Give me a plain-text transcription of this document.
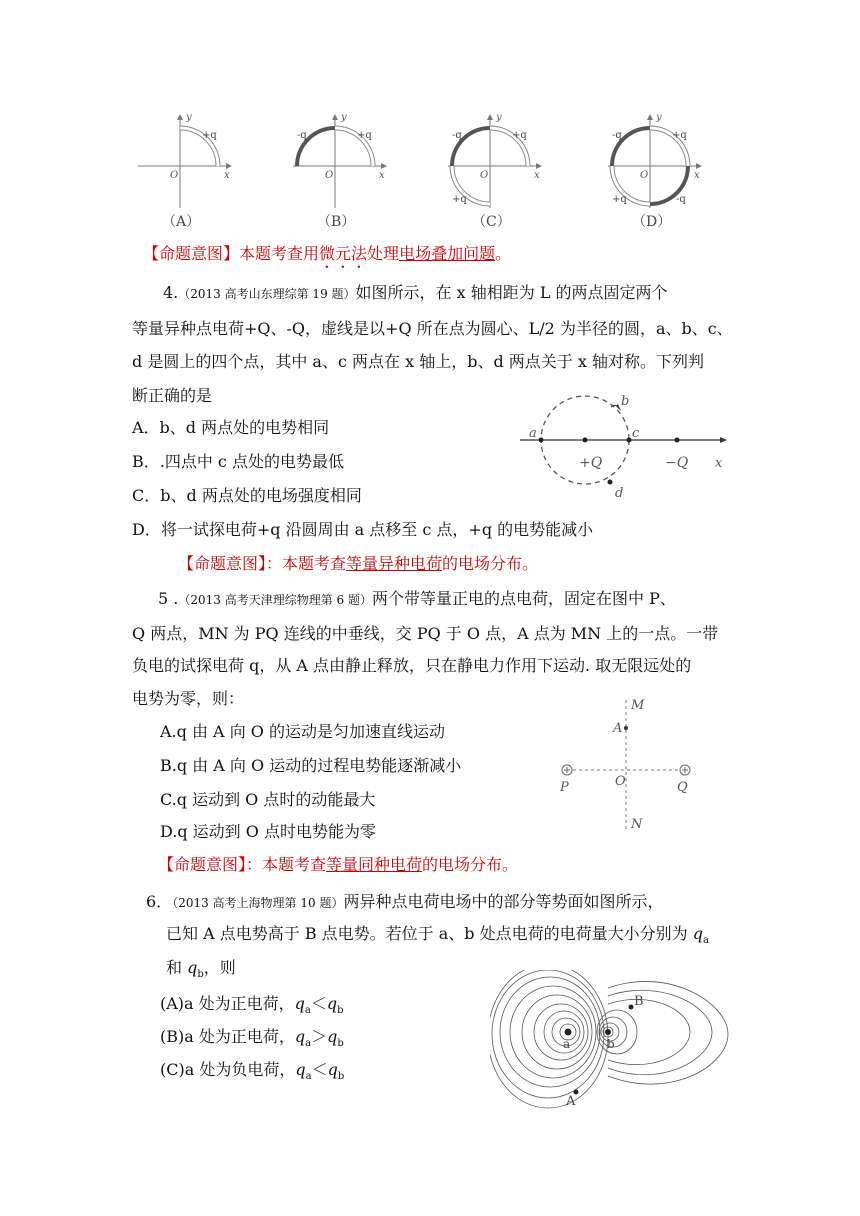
y
x
O
+q
（A）
y
x
O
-q	+q
（B）
y
x
O
-q	+q
+q
（C）
y
x
O
-q	+q
+q	-q
（D）
【命题意图】本题考查用微元法处理电场叠加问题。
4.（2013 高考山东理综第 19 题）如图所示，在 x 轴相距为 L 的两点固定两个
等量异种点电荷+Q、-Q，虚线是以+Q 所在点为圆心、L/2 为半径的圆，a、b、c、
d 是圆上的四个点，其中 a、c 两点在 x 轴上，b、d 两点关于 x 轴对称。下列判
断正确的是
A．b、d 两点处的电势相同
B．.四点中 c 点处的电势最低
C．b、d 两点处的电场强度相同
D．将一试探电荷+q 沿圆周由 a 点移至 c 点，+q 的电势能减小
a
b
c
d
+Q	−Q x
【命题意图】：本题考查等量异种电荷的电场分布。
5 .（2013 高考天津理综物理第 6 题）两个带等量正电的点电荷，固定在图中 P、
Q 两点，MN 为 PQ 连线的中垂线，交 PQ 于 O 点，A 点为 MN 上的一点。一带
负电的试探电荷 q，从 A 点由静止释放，只在静电力作用下运动. 取无限远处的
电势为零，则：
A.q 由 A 向 O 的运动是匀加速直线运动
B.q 由 A 向 O 运动的过程电势能逐渐减小
C.q 运动到 O 点时的动能最大
D.q 运动到 O 点时电势能为零
M
A
O
P	Q
N
【命题意图】：本题考查等量同种电荷的电场分布。
6．（2013 高考上海物理第 10 题）两异种点电荷电场中的部分等势面如图所示，
已知 A 点电势高于 B 点电势。若位于 a、b 处点电荷的电荷量大小分别为 $q_a$
和 $q_b$，则
(A)a 处为正电荷，$q_a<q_b$
(B)a 处为正电荷，$q_a>q_b$
(C)a 处为负电荷，$q_a<q_b$
a	b
B
A
